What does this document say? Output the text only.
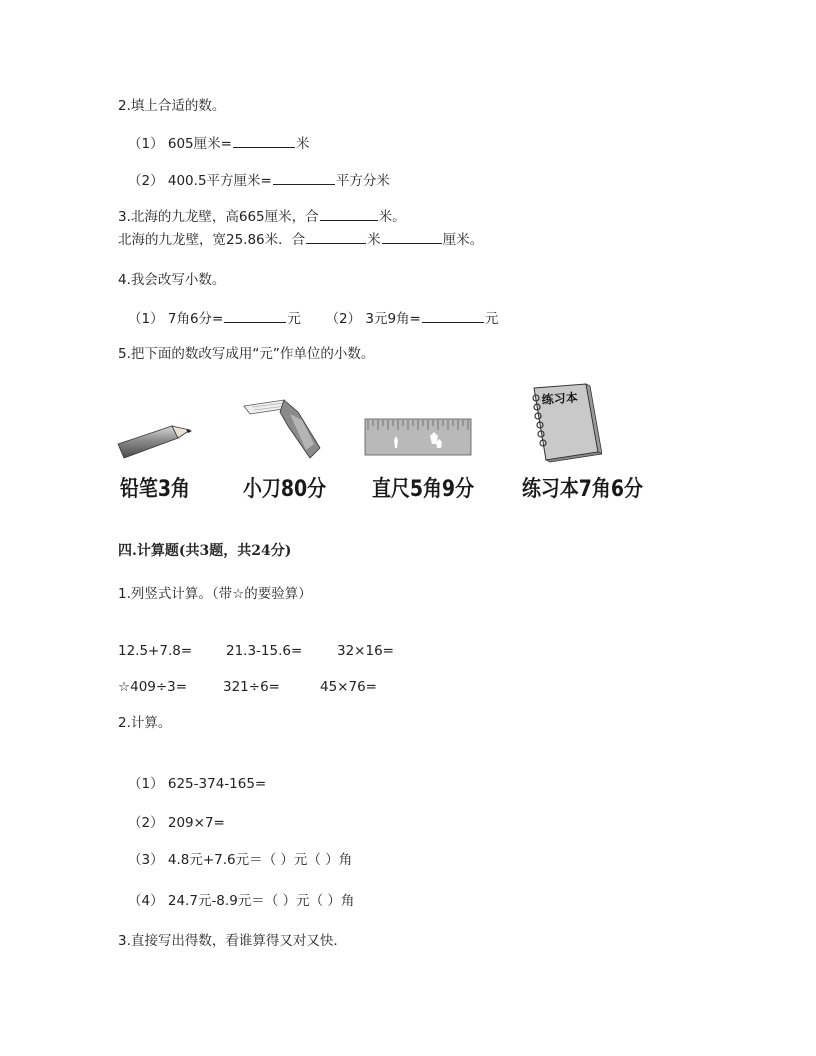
2.填上合适的数。
（1） 605厘米=	米
（2） 400.5平方厘米=	平方分米
3.北海的九龙壁，高665厘米，合	米。
北海的九龙壁，宽25.86米．合	米	厘米。
4.我会改写小数。
（1） 7角6分=	元 （2） 3元9角=	元
5.把下面的数改写成用“元”作单位的小数。
练习本
铅笔3角 小刀80分 直尺5角9分 练习本7角6分
四.计算题(共3题，共24分)
1.列竖式计算。（带☆的要验算）
12.5+7.8=	21.3-15.6=	32×16=
☆409÷3=	321÷6=	45×76=
2.计算。
（1） 625-374-165=
（2） 209×7=
（3） 4.8元+7.6元＝（ ）元（ ）角
（4） 24.7元-8.9元＝（ ）元（ ）角
3.直接写出得数，看谁算得又对又快.
